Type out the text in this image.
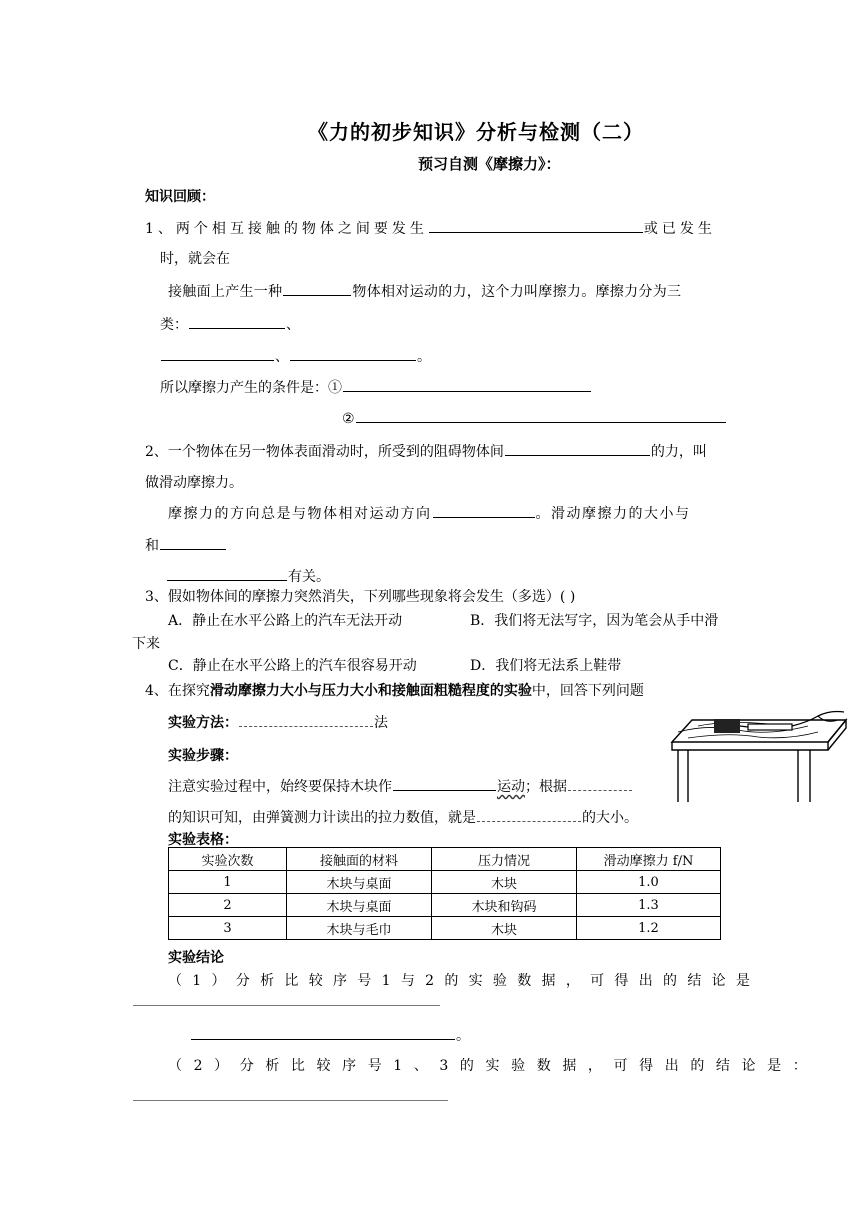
《力的初步知识》分析与检测（二）
预习自测《摩擦力》：
知识回顾：
1、两个相互接触的物体之间要发生	或已发生
时，就会在
接触面上产生一种	物体相对运动的力，这个力叫摩擦力。摩擦力分为三
类：	、
、	。
所以摩擦力产生的条件是：①
②
2、一个物体在另一物体表面滑动时，所受到的阻碍物体间	的力，叫
做滑动摩擦力。
摩擦力的方向总是与物体相对运动方向	。滑动摩擦力的大小与
和
有关。
3、假如物体间的摩擦力突然消失，下列哪些现象将会发生（多选）( )
A．静止在水平公路上的汽车无法开动	B．我们将无法写字，因为笔会从手中滑
下来
C．静止在水平公路上的汽车很容易开动	D．我们将无法系上鞋带
4、在探究滑动摩擦力大小与压力大小和接触面粗糙程度的实验中，回答下列问题
实验方法：	法
实验步骤：
注意实验过程中，始终要保持木块作	运动；根据
的知识可知，由弹簧测力计读出的拉力数值，就是	的大小。
实验表格：
实验次数	接触面的材料	压力情况	滑动摩擦力 f/N
1	木块与桌面	木块	1.0
2	木块与桌面	木块和钩码	1.3
3	木块与毛巾	木块	1.2
实验结论
（1）分析比较序号1与2的实验数据，可得出的结论是
。
（2）分析比较序号1、3的实验数据，可得出的结论是：
